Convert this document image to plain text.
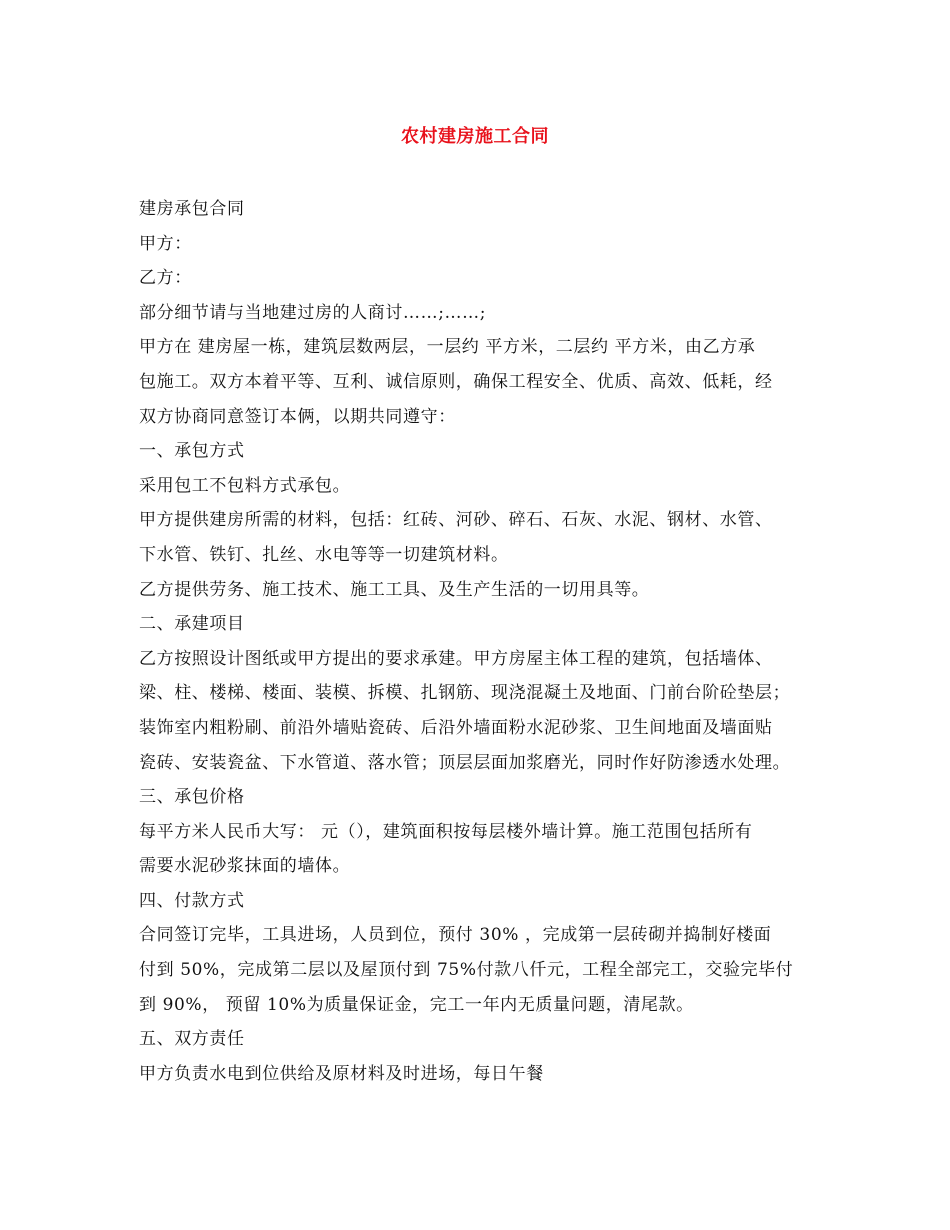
农村建房施工合同
建房承包合同
甲方：
乙方：
部分细节请与当地建过房的人商讨……;……;
甲方在 建房屋一栋，建筑层数两层，一层约 平方米，二层约 平方米，由乙方承
包施工。双方本着平等、互利、诚信原则，确保工程安全、优质、高效、低耗，经
双方协商同意签订本俩，以期共同遵守：
一、承包方式
采用包工不包料方式承包。
甲方提供建房所需的材料，包括：红砖、河砂、碎石、石灰、水泥、钢材、水管、
下水管、铁钉、扎丝、水电等等一切建筑材料。
乙方提供劳务、施工技术、施工工具、及生产生活的一切用具等。
二、承建项目
乙方按照设计图纸或甲方提出的要求承建。甲方房屋主体工程的建筑，包括墙体、
梁、柱、楼梯、楼面、装模、拆模、扎钢筋、现浇混凝土及地面、门前台阶砼垫层；
装饰室内粗粉刷、前沿外墙贴瓷砖、后沿外墙面粉水泥砂浆、卫生间地面及墙面贴
瓷砖、安装瓷盆、下水管道、落水管；顶层层面加浆磨光，同时作好防渗透水处理。
三、承包价格
每平方米人民币大写： 元（），建筑面积按每层楼外墙计算。施工范围包括所有
需要水泥砂浆抹面的墙体。
四、付款方式
合同签订完毕，工具进场，人员到位，预付 30% ，完成第一层砖砌并捣制好楼面
付到 50%，完成第二层以及屋顶付到 75%付款八仟元，工程全部完工，交验完毕付
到 90%， 预留 10%为质量保证金，完工一年内无质量问题，清尾款。
五、双方责任
甲方负责水电到位供给及原材料及时进场，每日午餐
